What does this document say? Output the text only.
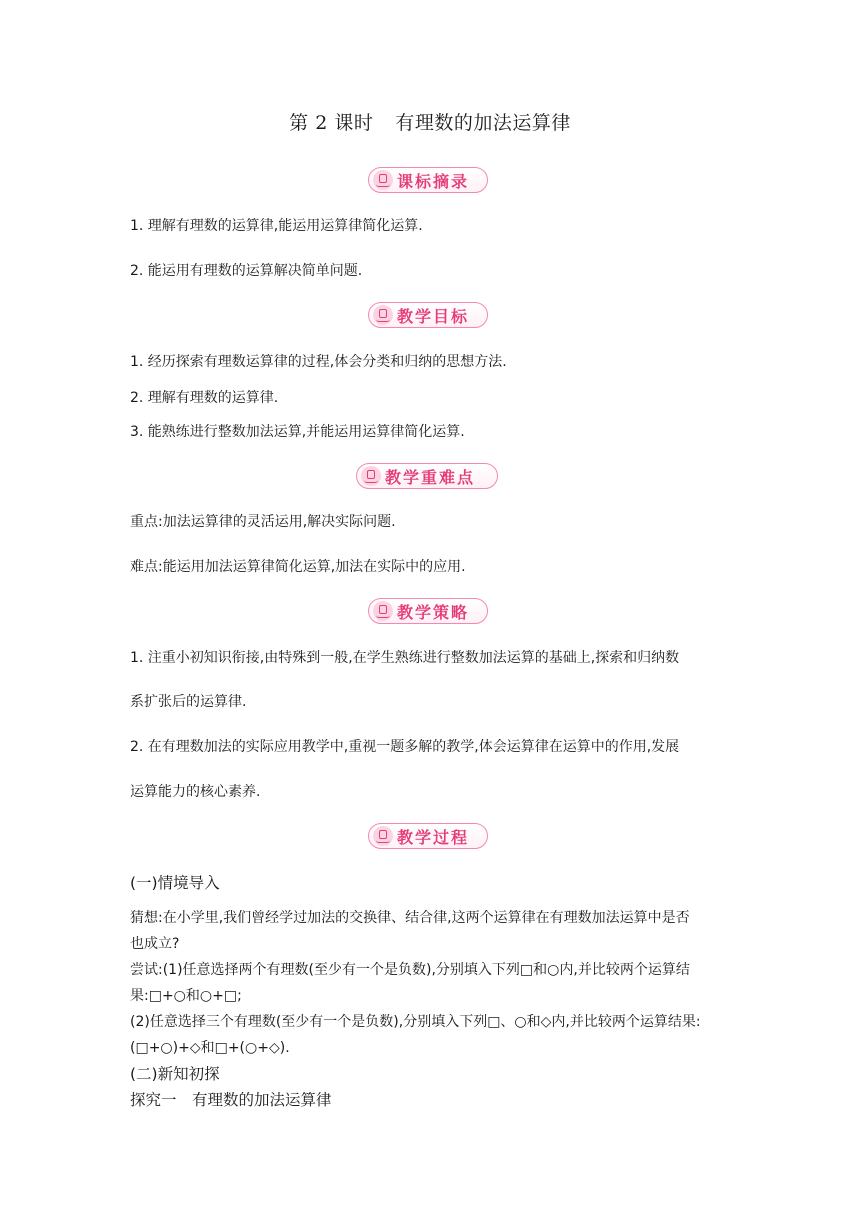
第 2 课时 有理数的加法运算律
课标摘录
1. 理解有理数的运算律,能运用运算律简化运算.
2. 能运用有理数的运算解决简单问题.
教学目标
1. 经历探索有理数运算律的过程,体会分类和归纳的思想方法.
2. 理解有理数的运算律.
3. 能熟练进行整数加法运算,并能运用运算律简化运算.
教学重难点
重点:加法运算律的灵活运用,解决实际问题.
难点:能运用加法运算律简化运算,加法在实际中的应用.
教学策略
1. 注重小初知识衔接,由特殊到一般,在学生熟练进行整数加法运算的基础上,探索和归纳数
系扩张后的运算律.
2. 在有理数加法的实际应用教学中,重视一题多解的教学,体会运算律在运算中的作用,发展
运算能力的核心素养.
教学过程
(一)情境导入
猜想:在小学里,我们曾经学过加法的交换律、结合律,这两个运算律在有理数加法运算中是否
也成立?
尝试:(1)任意选择两个有理数(至少有一个是负数),分别填入下列□和○内,并比较两个运算结
果:□+○和○+□;
(2)任意选择三个有理数(至少有一个是负数),分别填入下列□、○和◇内,并比较两个运算结果:
(□+○)+◇和□+(○+◇).
(二)新知初探
探究一　有理数的加法运算律
